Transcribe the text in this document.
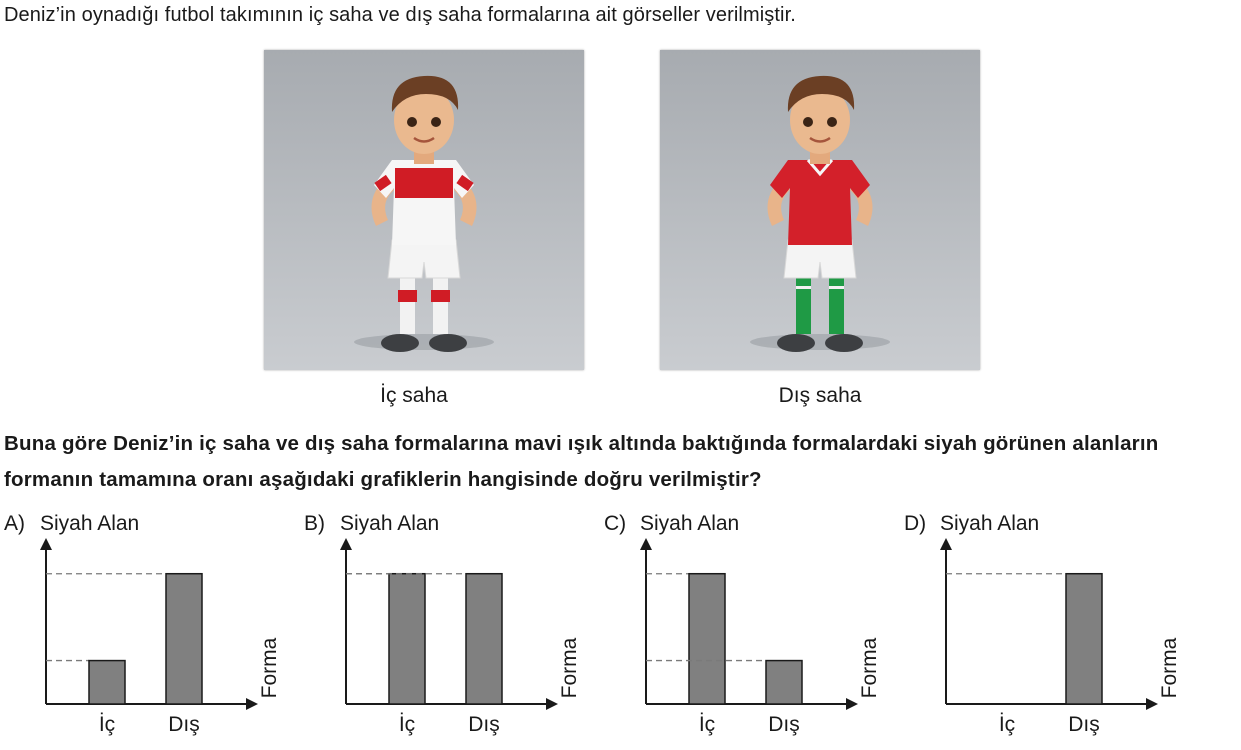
Deniz’in oynadığı futbol takımının iç saha ve dış saha formalarına ait görseller verilmiştir.
İç saha	Dış saha
Buna göre Deniz’in iç saha ve dış saha formalarına mavi ışık altında baktığında formalardaki siyah görünen alanların formanın tamamına oranı aşağıdaki grafiklerin hangisinde doğru verilmiştir?
A) Siyah Alan
İç	Dış
Forma
B) Siyah Alan
İç	Dış
Forma
C) Siyah Alan
İç	Dış
Forma
D) Siyah Alan
İç	Dış
Forma
